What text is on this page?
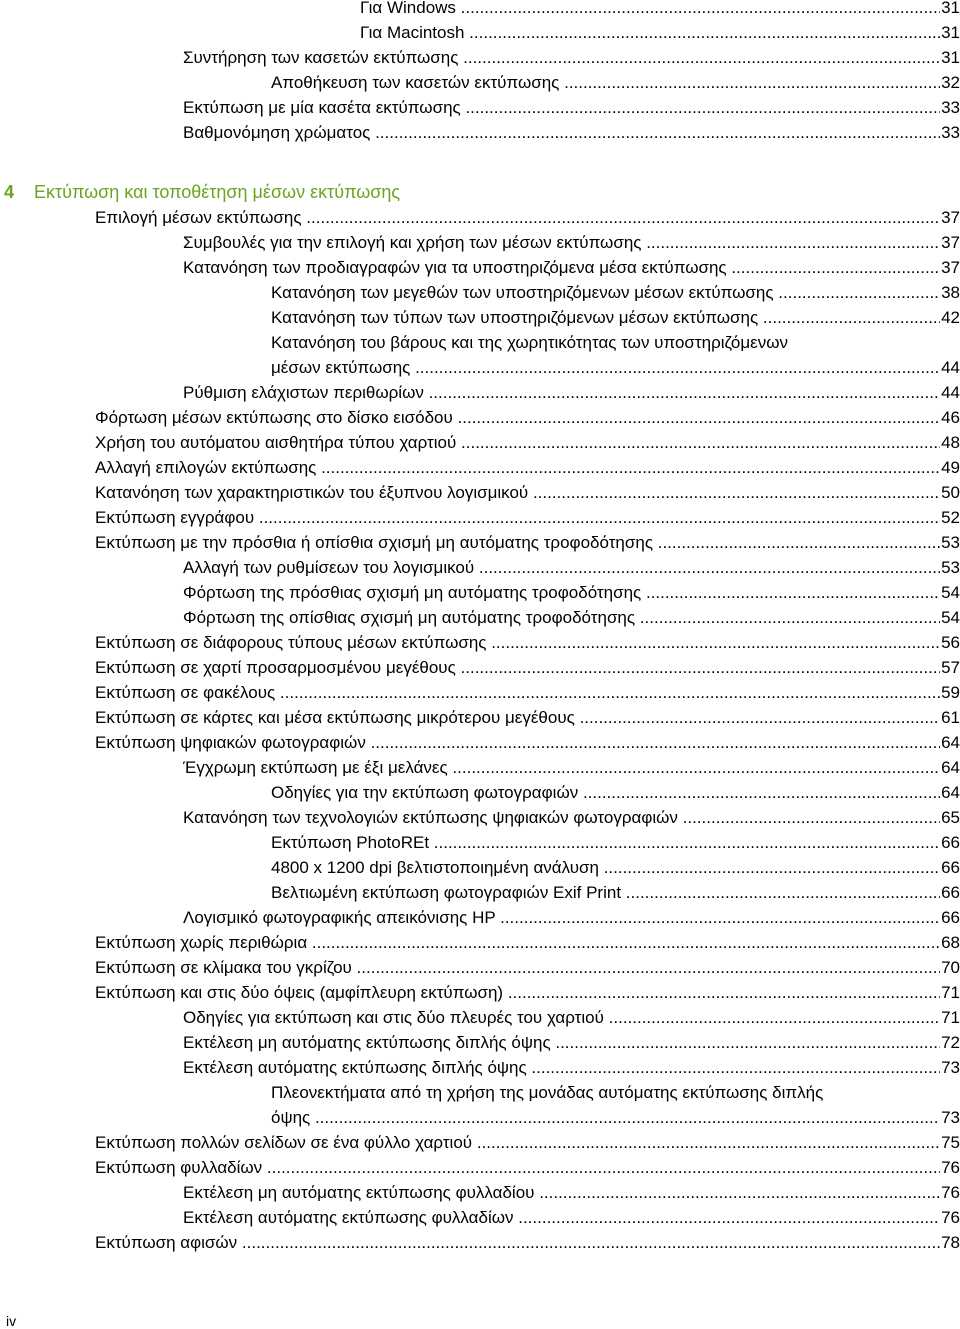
Για Windows .....	31
Για Macintosh .....	31
Συντήρηση των κασετών εκτύπωσης .....	31
Αποθήκευση των κασετών εκτύπωσης .....	32
Εκτύπωση με μία κασέτα εκτύπωσης .....	33
Βαθμονόμηση χρώματος .....	33
4 Εκτύπωση και τοποθέτηση μέσων εκτύπωσης
Επιλογή μέσων εκτύπωσης .....	37
Συμβουλές για την επιλογή και χρήση των μέσων εκτύπωσης .....	37
Κατανόηση των προδιαγραφών για τα υποστηριζόμενα μέσα εκτύπωσης .....	37
Κατανόηση των μεγεθών των υποστηριζόμενων μέσων εκτύπωσης .....	38
Κατανόηση των τύπων των υποστηριζόμενων μέσων εκτύπωσης .....	42
Κατανόηση του βάρους και της χωρητικότητας των υποστηριζόμενων
μέσων εκτύπωσης .....	44
Ρύθμιση ελάχιστων περιθωρίων .....	44
Φόρτωση μέσων εκτύπωσης στο δίσκο εισόδου .....	46
Χρήση του αυτόματου αισθητήρα τύπου χαρτιού .....	48
Αλλαγή επιλογών εκτύπωσης .....	49
Κατανόηση των χαρακτηριστικών του έξυπνου λογισμικού .....	50
Εκτύπωση εγγράφου .....	52
Εκτύπωση με την πρόσθια ή οπίσθια σχισμή μη αυτόματης τροφοδότησης .....	53
Αλλαγή των ρυθμίσεων του λογισμικού .....	53
Φόρτωση της πρόσθιας σχισμή μη αυτόματης τροφοδότησης .....	54
Φόρτωση της οπίσθιας σχισμή μη αυτόματης τροφοδότησης .....	54
Εκτύπωση σε διάφορους τύπους μέσων εκτύπωσης .....	56
Εκτύπωση σε χαρτί προσαρμοσμένου μεγέθους .....	57
Εκτύπωση σε φακέλους .....	59
Εκτύπωση σε κάρτες και μέσα εκτύπωσης μικρότερου μεγέθους .....	61
Εκτύπωση ψηφιακών φωτογραφιών .....	64
Έγχρωμη εκτύπωση με έξι μελάνες .....	64
Οδηγίες για την εκτύπωση φωτογραφιών .....	64
Κατανόηση των τεχνολογιών εκτύπωσης ψηφιακών φωτογραφιών .....	65
Εκτύπωση PhotoREt .....	66
4800 x 1200 dpi βελτιστοποιημένη ανάλυση .....	66
Βελτιωμένη εκτύπωση φωτογραφιών Exif Print .....	66
Λογισμικό φωτογραφικής απεικόνισης HP .....	66
Εκτύπωση χωρίς περιθώρια .....	68
Εκτύπωση σε κλίμακα του γκρίζου .....	70
Εκτύπωση και στις δύο όψεις (αμφίπλευρη εκτύπωση) .....	71
Οδηγίες για εκτύπωση και στις δύο πλευρές του χαρτιού .....	71
Εκτέλεση μη αυτόματης εκτύπωσης διπλής όψης .....	72
Εκτέλεση αυτόματης εκτύπωσης διπλής όψης .....	73
Πλεονεκτήματα από τη χρήση της μονάδας αυτόματης εκτύπωσης διπλής
όψης .....	73
Εκτύπωση πολλών σελίδων σε ένα φύλλο χαρτιού .....	75
Εκτύπωση φυλλαδίων .....	76
Εκτέλεση μη αυτόματης εκτύπωσης φυλλαδίου .....	76
Εκτέλεση αυτόματης εκτύπωσης φυλλαδίων .....	76
Εκτύπωση αφισών .....	78
iv
